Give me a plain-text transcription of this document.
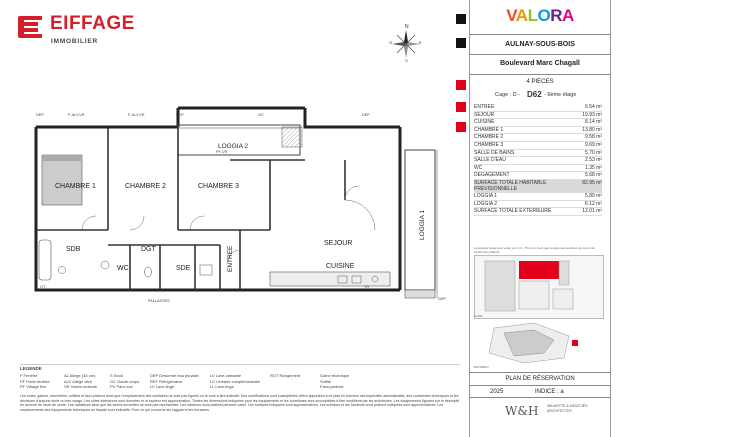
EIFFAGE
IMMOBILIER
N
O	E
S
CHAMBRE 1	CHAMBRE 2	CHAMBRE 3
LOGGIA 2
SEJOUR
CUISINE
SDB
WC
DGT
SDE	ENTREE
LOGGIA 1
DEP	F-ALV.VR	F-ALV.VR	DEP	GC
PF-VR
DEP
PALLASSES
OT	TR
DEP
VALORA
AULNAY-SOUS-BOIS
Boulevard Marc Chagall
4 PIECES
Cage : D - D62 - 6ème étage
ENTREE	6.54 m²
SEJOUR	19.93 m²
CUISINE	8.14 m²
CHAMBRE 1	13.80 m²
CHAMBRE 2	9.58 m²
CHAMBRE 3	9.69 m²
SALLE DE BAINS	5.70 m²
SALLE D'EAU	2.53 m²
WC	1.35 m²
DEGAGEMENT	5.68 m²
SURFACE TOTALE HABITABLE PREVISIONNELLE
82.95 m²
LOGGIA 1	5.89 m²
LOGGIA 2	6.12 m²
SURFACE TOTALE EXTERIEURE	12.01 m²
La surface totale peut varier de 1 m² - 5% et ne tient pas compte des surfaces de moins de 1m80 sous plafond.
CAGE
BATIMENT
PLAN DE RÉSERVATION
2025	INDICE : a
W&H WILMOTTE & ASSOCIÉS ARCHITECTES
LEGENDE
F Fenêtre
PF Porte-fenêtre
PF Vitrage fixe
AL Allège (45 cm)
ALV Allège vitré
VR Volets roulants
S Seuil
GC Garde-corps
PV Pare-vue
DEP Descente eau pluviale
REF Réfrigérateur
LV Lave-linge
LV Lave-vaisselle
LC Linéaire complémentaire
LL Lave-linge
RGT Rangement	Gaine technique
Soffite
Faux-plafond
Les cotes, gaines, retombées, soffites et faux-plafond ainsi que l'emplacement des sanitaires ne sont pas figurés ou le sont à titre indicatif. Des modifications sont susceptibles d'être apportées à ce plan en fonction des impératifs administratifs, des contraintes techniques et les décisions d'aucune sorte ou leur usage. Les côtes intérieures sont données et la hauteur est approximative. Toutes les dimensions indiquées pour les équipements et les fournitures sont susceptibles d'être modifiées par les architectes. Les équipements figurant sur le descriptif en annexe de l'acte de vente. Les radiateurs ainsi que les sèche-serviettes ne sont pas représentés. Les hauteurs sous plafond peuvent varier. Les surfaces indiquées sont approximatives. Les surfaces et les hauteurs sous plafond indiquées sont approximatives. Les emplacements des équipements techniques en façade sont indicatifs. Pour ce qui concerne les loggias et les terrasses.
